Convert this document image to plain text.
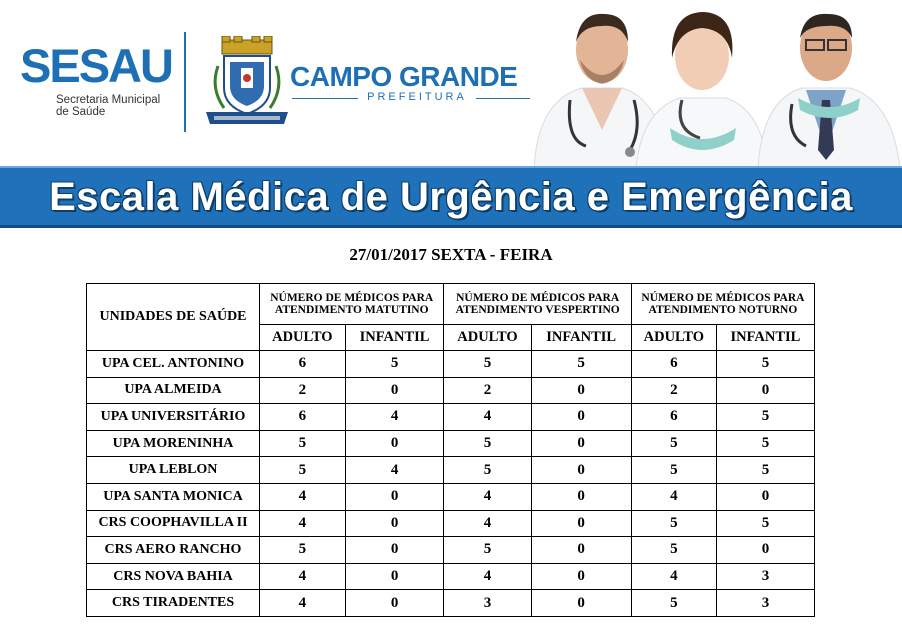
SESAU
Secretaria Municipal de Saúde
CAMPO GRANDE
PREFEITURA
Escala Médica de Urgência e Emergência
27/01/2017 SEXTA - FEIRA
UNIDADES DE SAÚDE	NÚMERO DE MÉDICOS PARA ATENDIMENTO MATUTINO		NÚMERO DE MÉDICOS PARA ATENDIMENTO VESPERTINO		NÚMERO DE MÉDICOS PARA ATENDIMENTO NOTURNO	
	ADULTO	INFANTIL	ADULTO	INFANTIL	ADULTO	INFANTIL
UPA CEL. ANTONINO	6	5	5	5	6	5
UPA ALMEIDA	2	0	2	0	2	0
UPA UNIVERSITÁRIO	6	4	4	0	6	5
UPA MORENINHA	5	0	5	0	5	5
UPA LEBLON	5	4	5	0	5	5
UPA SANTA MONICA	4	0	4	0	4	0
CRS COOPHAVILLA II	4	0	4	0	5	5
CRS AERO RANCHO	5	0	5	0	5	0
CRS NOVA BAHIA	4	0	4	0	4	3
CRS TIRADENTES	4	0	3	0	5	3
